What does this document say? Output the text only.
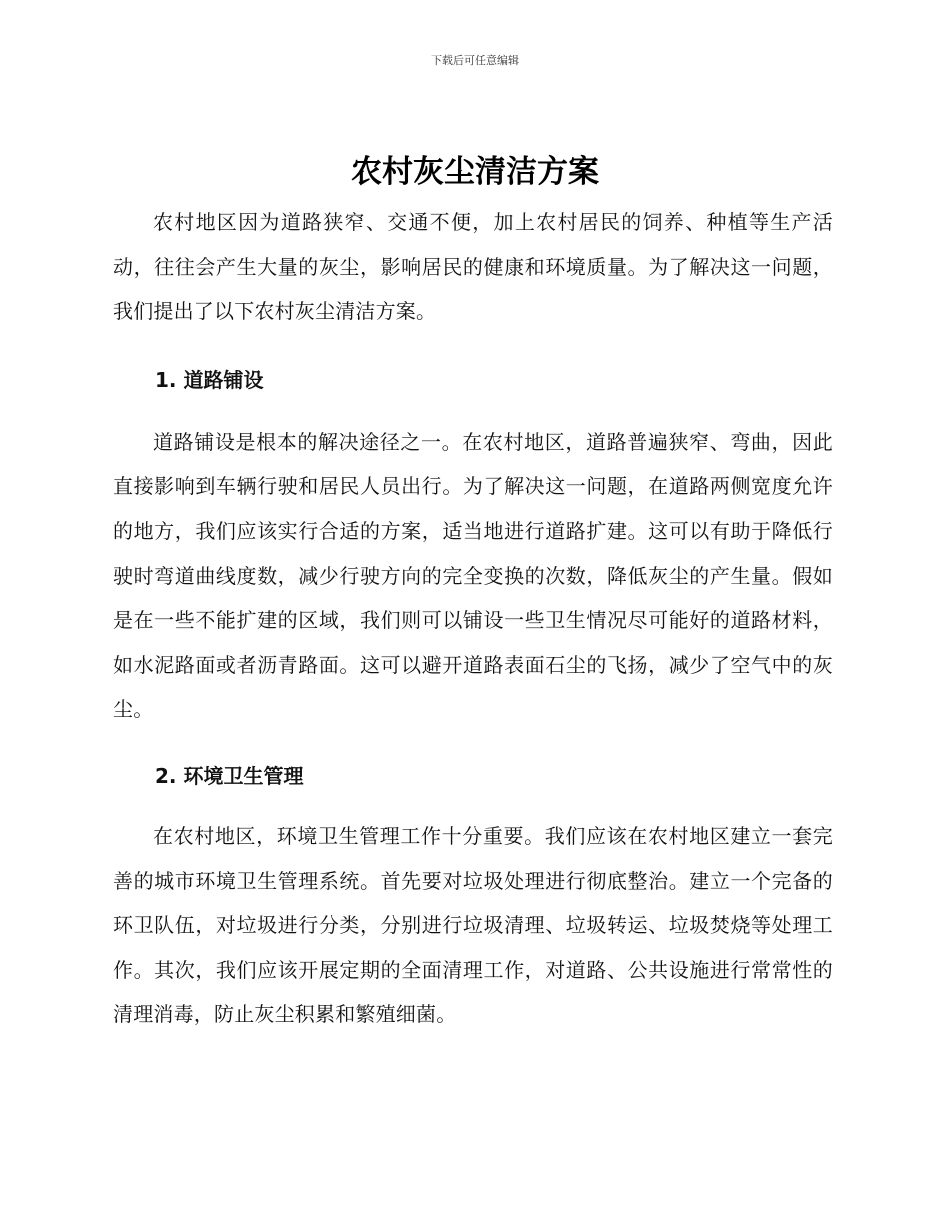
下载后可任意编辑
农村灰尘清洁方案

农村地区因为道路狭窄、交通不便，加上农村居民的饲养、种植等生产活动，往往会产生大量的灰尘，影响居民的健康和环境质量。为了解决这一问题，我们提出了以下农村灰尘清洁方案。

1. 道路铺设

道路铺设是根本的解决途径之一。在农村地区，道路普遍狭窄、弯曲，因此直接影响到车辆行驶和居民人员出行。为了解决这一问题，在道路两侧宽度允许的地方，我们应该实行合适的方案，适当地进行道路扩建。这可以有助于降低行驶时弯道曲线度数，减少行驶方向的完全变换的次数，降低灰尘的产生量。假如是在一些不能扩建的区域，我们则可以铺设一些卫生情况尽可能好的道路材料，如水泥路面或者沥青路面。这可以避开道路表面石尘的飞扬，减少了空气中的灰尘。

2. 环境卫生管理

在农村地区，环境卫生管理工作十分重要。我们应该在农村地区建立一套完善的城市环境卫生管理系统。首先要对垃圾处理进行彻底整治。建立一个完备的环卫队伍，对垃圾进行分类，分别进行垃圾清理、垃圾转运、垃圾焚烧等处理工作。其次，我们应该开展定期的全面清理工作，对道路、公共设施进行常常性的清理消毒，防止灰尘积累和繁殖细菌。
